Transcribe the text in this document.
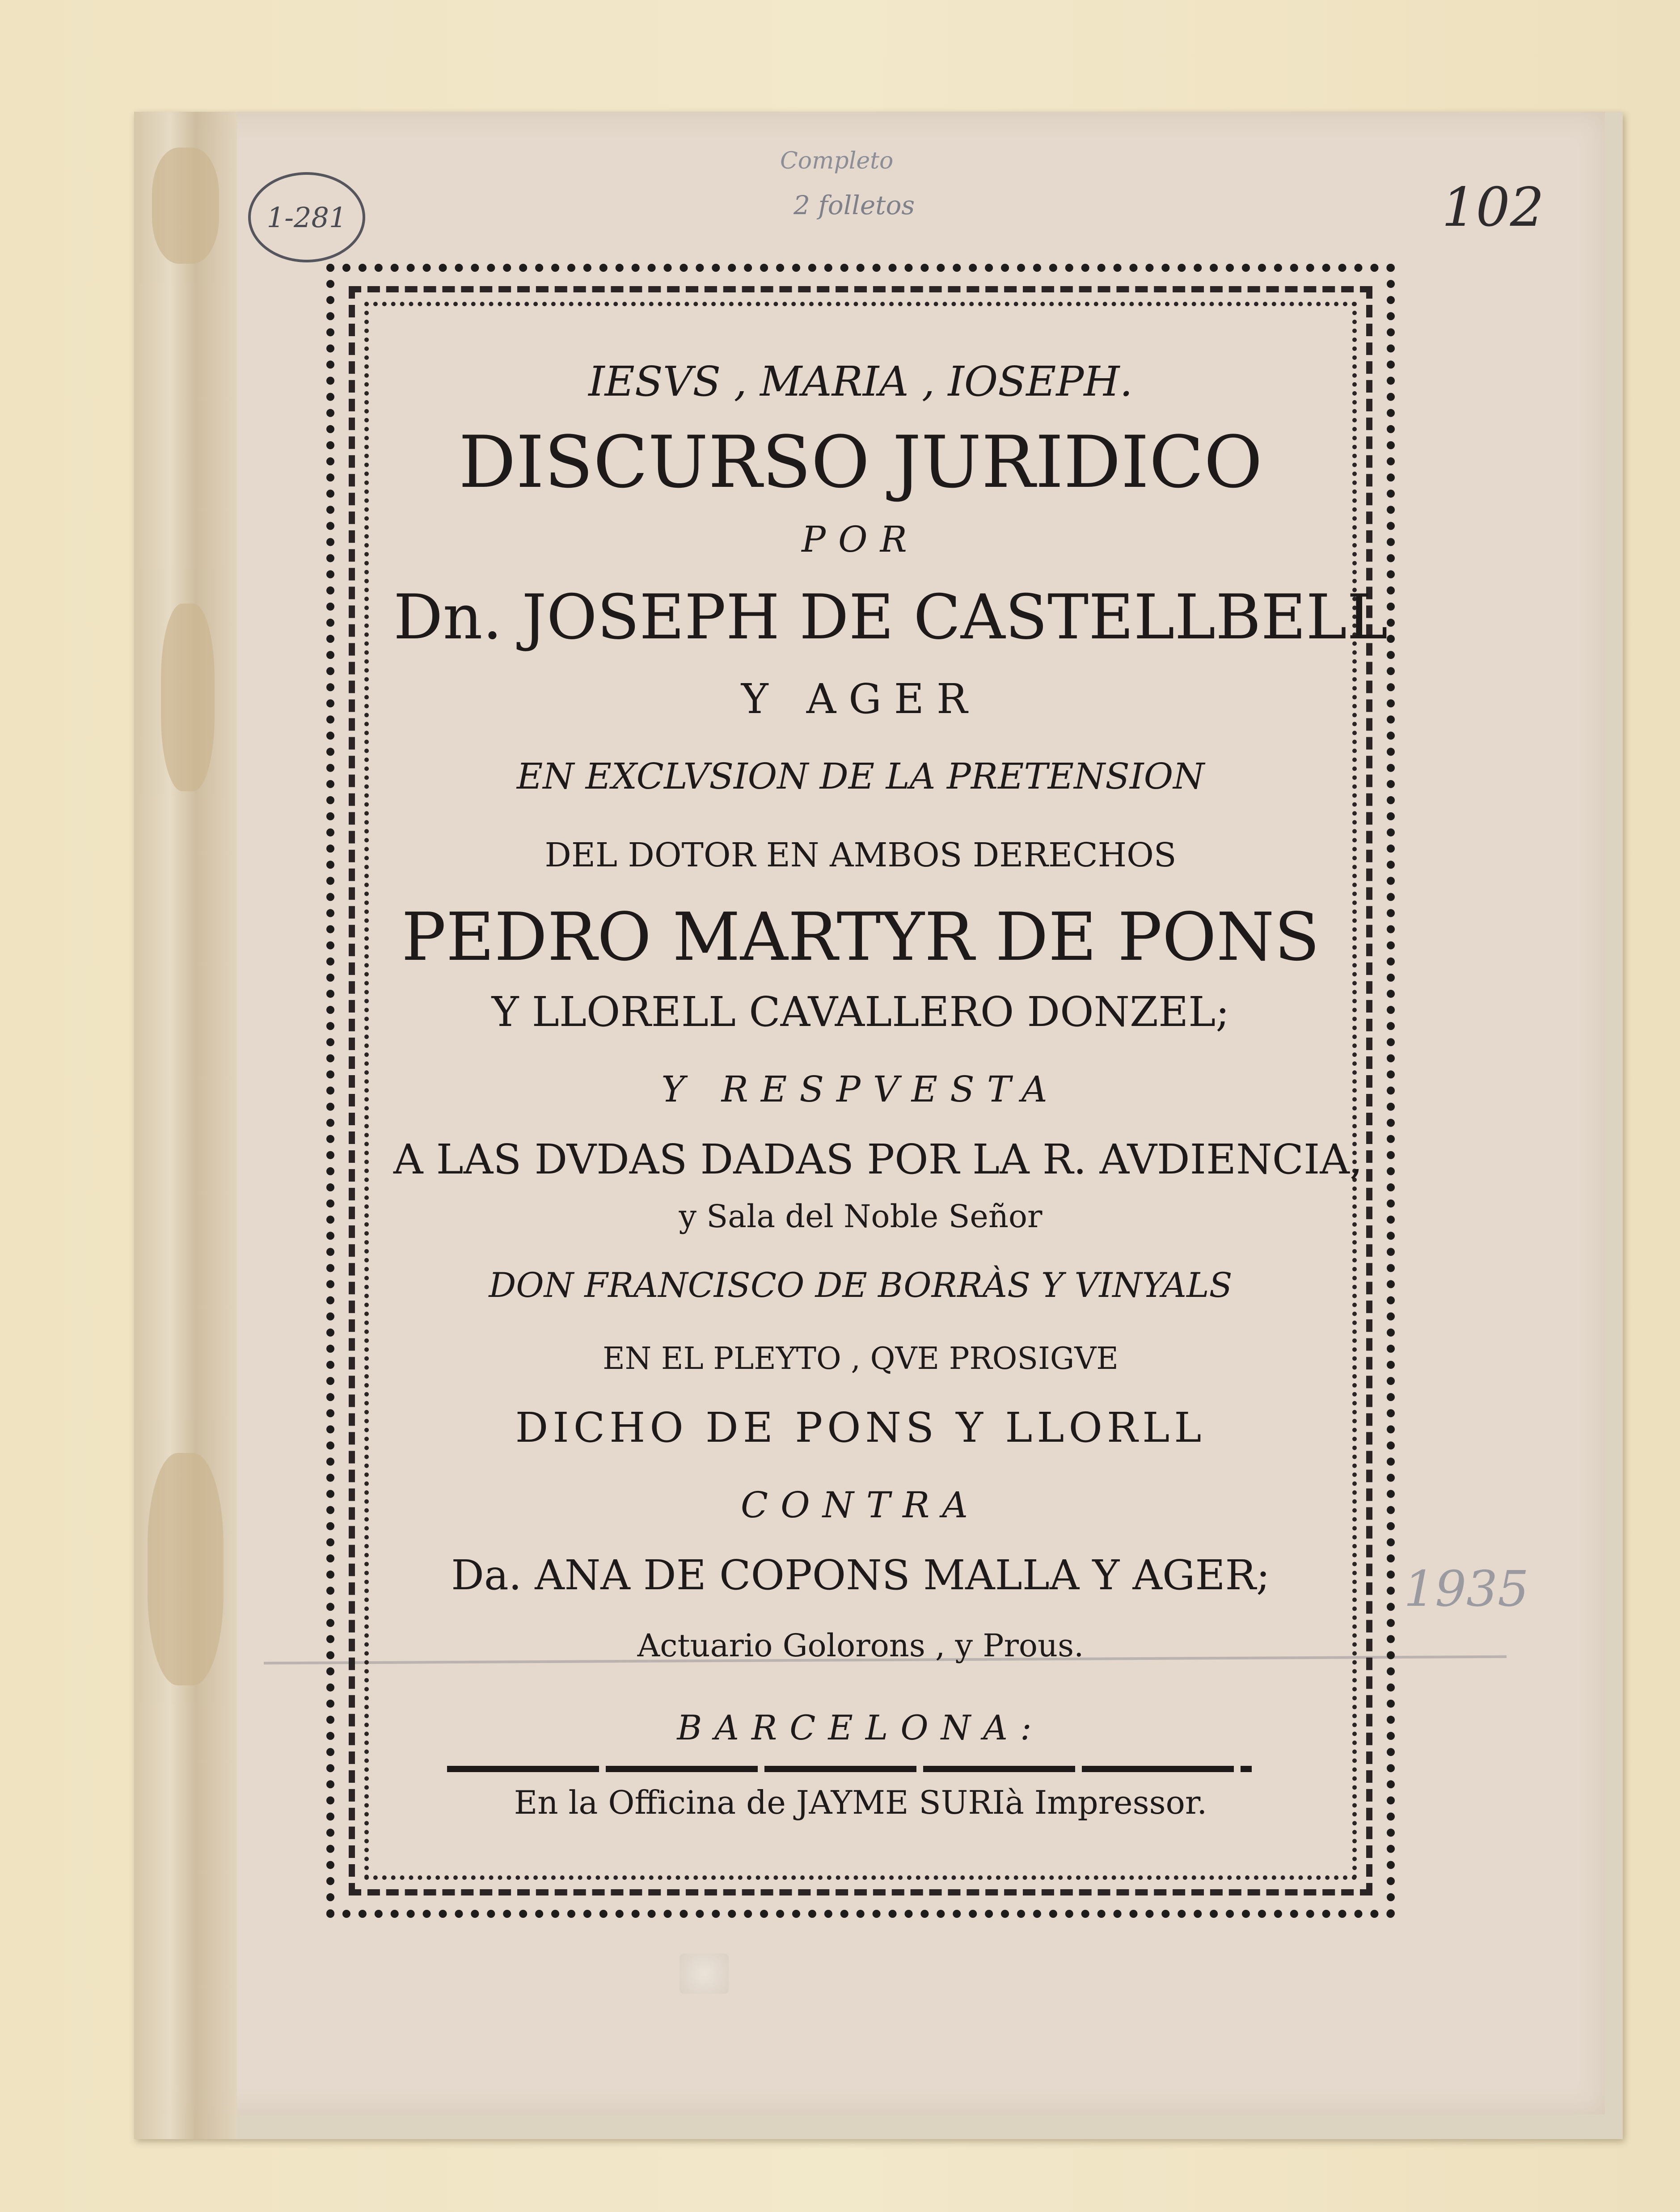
1-281
Completo
2 folletos	102
1935
IESVS , MARIA , IOSEPH.
DISCURSO JURIDICO
POR
Dn. JOSEPH DE CASTELLBELL
Y AGER
EN EXCLVSION DE LA PRETENSION
DEL DOTOR EN AMBOS DERECHOS
PEDRO MARTYR DE PONS
Y LLORELL CAVALLERO DONZEL;
Y RESPVESTA
A LAS DVDAS DADAS POR LA R. AVDIENCIA,
y Sala del Noble Señor
DON FRANCISCO DE BORRÀS Y VINYALS
EN EL PLEYTO , QVE PROSIGVE
DICHO DE PONS Y LLORLL
CONTRA
Da. ANA DE COPONS MALLA Y AGER;
Actuario Golorons , y Prous.
BARCELONA:
En la Officina de JAYME SURIà Impressor.
